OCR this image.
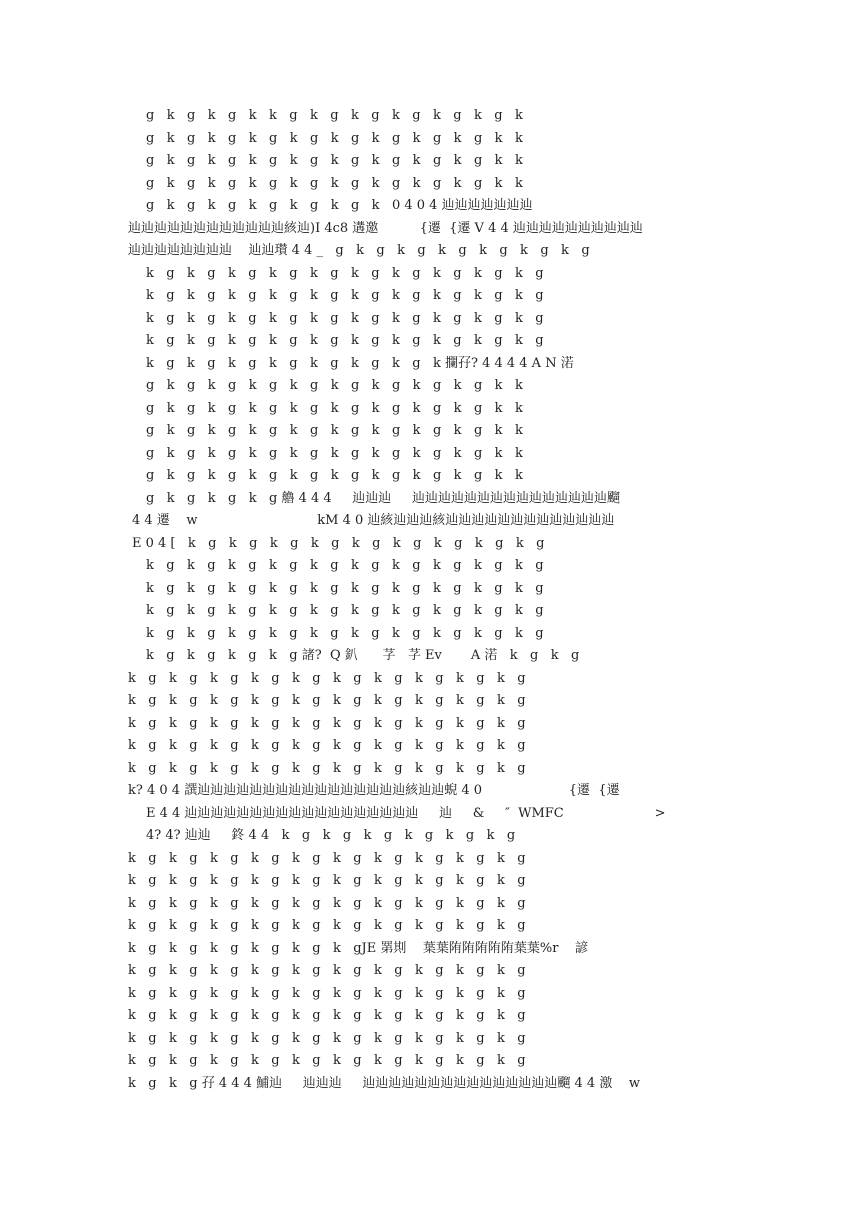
g   k   g   k   g   k   k   g   k   g   k   g   k   g   k   g   k   g   k
g   k   g   k   g   k   g   k   g   k   g   k   g   k   g   k   g   k   k
g   k   g   k   g   k   g   k   g   k   g   k   g   k   g   k   g   k   k
g   k   g   k   g   k   g   k   g   k   g   k   g   k   g   k   g   k   k
g   k   g   k   g   k   g   k   g   k   g   k   0 4 0 4 辿辿辿辿辿辿辿
辿辿辿辿辿辿辿辿辿辿辿辿絯辿)I 4c8 遘邀          {遷  {遷 V 4 4 辿辿辿辿辿辿辿辿辿辿
辿辿辿辿辿辿辿辿    辿辿瓉 4 4 _   g   k   g   k   g   k   g   k   g   k   g   k   g
k   g   k   g   k   g   k   g   k   g   k   g   k   g   k   g   k   g   k   g
k   g   k   g   k   g   k   g   k   g   k   g   k   g   k   g   k   g   k   g
k   g   k   g   k   g   k   g   k   g   k   g   k   g   k   g   k   g   k   g
k   g   k   g   k   g   k   g   k   g   k   g   k   g   k   g   k   g   k   g
k   g   k   g   k   g   k   g   k   g   k   g   k   g   k 攔孖? 4 4 4 4 A N 渃
g   k   g   k   g   k   g   k   g   k   g   k   g   k   g   k   g   k   k
g   k   g   k   g   k   g   k   g   k   g   k   g   k   g   k   g   k   k
g   k   g   k   g   k   g   k   g   k   g   k   g   k   g   k   g   k   k
g   k   g   k   g   k   g   k   g   k   g   k   g   k   g   k   g   k   k
g   k   g   k   g   k   g   k   g   k   g   k   g   k   g   k   g   k   k
g   k   g   k   g   k   g 艪 4 4 4     辿辿辿     辿辿辿辿辿辿辿辿辿辿辿辿辿辿辿飀
4 4 遷    w                             kM 4 0 辿絯辿辿辿絯辿辿辿辿辿辿辿辿辿辿辿辿辿
E 0 4 [   k   g   k   g   k   g   k   g   k   g   k   g   k   g   k   g   k   g
k   g   k   g   k   g   k   g   k   g   k   g   k   g   k   g   k   g   k   g
k   g   k   g   k   g   k   g   k   g   k   g   k   g   k   g   k   g   k   g
k   g   k   g   k   g   k   g   k   g   k   g   k   g   k   g   k   g   k   g
k   g   k   g   k   g   k   g   k   g   k   g   k   g   k   g   k   g   k   g
k   g   k   g   k   g   k   g 諸?  Q 釟      芓   芓 Ev       A 渃   k   g   k   g
k   g   k   g   k   g   k   g   k   g   k   g   k   g   k   g   k   g   k   g
k   g   k   g   k   g   k   g   k   g   k   g   k   g   k   g   k   g   k   g
k   g   k   g   k   g   k   g   k   g   k   g   k   g   k   g   k   g   k   g
k   g   k   g   k   g   k   g   k   g   k   g   k   g   k   g   k   g   k   g
k   g   k   g   k   g   k   g   k   g   k   g   k   g   k   g   k   g   k   g
k? 4 0 4 譔辿辿辿辿辿辿辿辿辿辿辿辿辿辿辿辿絯辿辿蜺 4 0                     {遷  {遷
E 4 4 辿辿辿辿辿辿辿辿辿辿辿辿辿辿辿辿辿辿     辿     &     ″  WMFC                      >
4? 4? 辿辿     鉖 4 4   k   g   k   g   k   g   k   g   k   g   k   g
k   g   k   g   k   g   k   g   k   g   k   g   k   g   k   g   k   g   k   g
k   g   k   g   k   g   k   g   k   g   k   g   k   g   k   g   k   g   k   g
k   g   k   g   k   g   k   g   k   g   k   g   k   g   k   g   k   g   k   g
k   g   k   g   k   g   k   g   k   g   k   g   k   g   k   g   k   g   k   g
k   g   k   g   k   g   k   g   k   g   k   gJE 罤剘    葉葉陏陏陏陏陏葉葉%r    諺
k   g   k   g   k   g   k   g   k   g   k   g   k   g   k   g   k   g   k   g
k   g   k   g   k   g   k   g   k   g   k   g   k   g   k   g   k   g   k   g
k   g   k   g   k   g   k   g   k   g   k   g   k   g   k   g   k   g   k   g
k   g   k   g   k   g   k   g   k   g   k   g   k   g   k   g   k   g   k   g
k   g   k   g   k   g   k   g   k   g   k   g   k   g   k   g   k   g   k   g
k   g   k   g 孖 4 4 4 鯆辿     辿辿辿     辿辿辿辿辿辿辿辿辿辿辿辿辿辿辿飀 4 4 激    w
